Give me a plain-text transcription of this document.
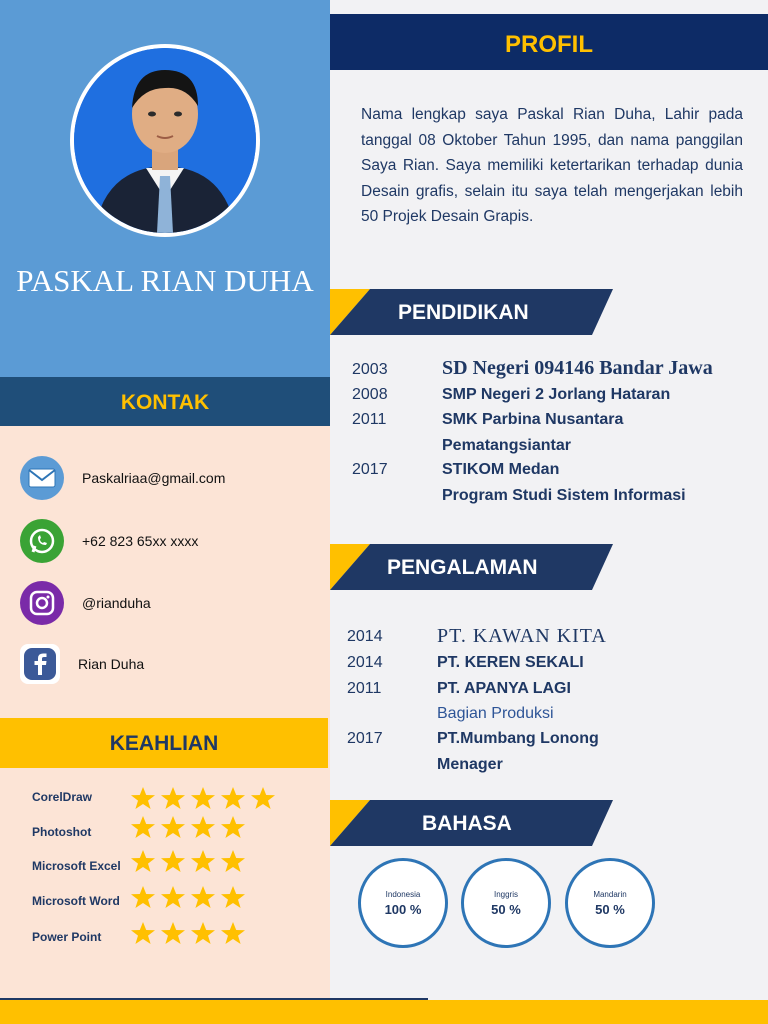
PASKAL RIAN DUHA
KONTAK
Paskalriaa@gmail.com
+62 823 65xx xxxx
@rianduha
Rian Duha
KEAHLIAN
CorelDraw
Photoshot
Microsoft Excel
Microsoft Word
Power Point
PROFIL

Nama lengkap saya Paskal Rian Duha, Lahir pada tanggal 08 Oktober Tahun 1995, dan nama panggilan Saya Rian. Saya memiliki ketertarikan terhadap dunia Desain grafis, selain itu saya telah mengerjakan lebih 50 Projek Desain Grapis.

PENDIDIKAN
2003	SD Negeri 094146 Bandar Jawa
2008	SMP Negeri 2 Jorlang Hataran
2011	SMK Parbina Nusantara
Pematangsiantar
2017	STIKOM Medan
Program Studi Sistem Informasi
PENGALAMAN
2014	PT. KAWAN KITA
2014	PT. KEREN SEKALI
2011	PT. APANYA LAGI
Bagian Produksi
2017	PT.Mumbang Lonong
Menager
BAHASA
Indonesia
100 %
Inggris
50 %
Mandarin
50 %
